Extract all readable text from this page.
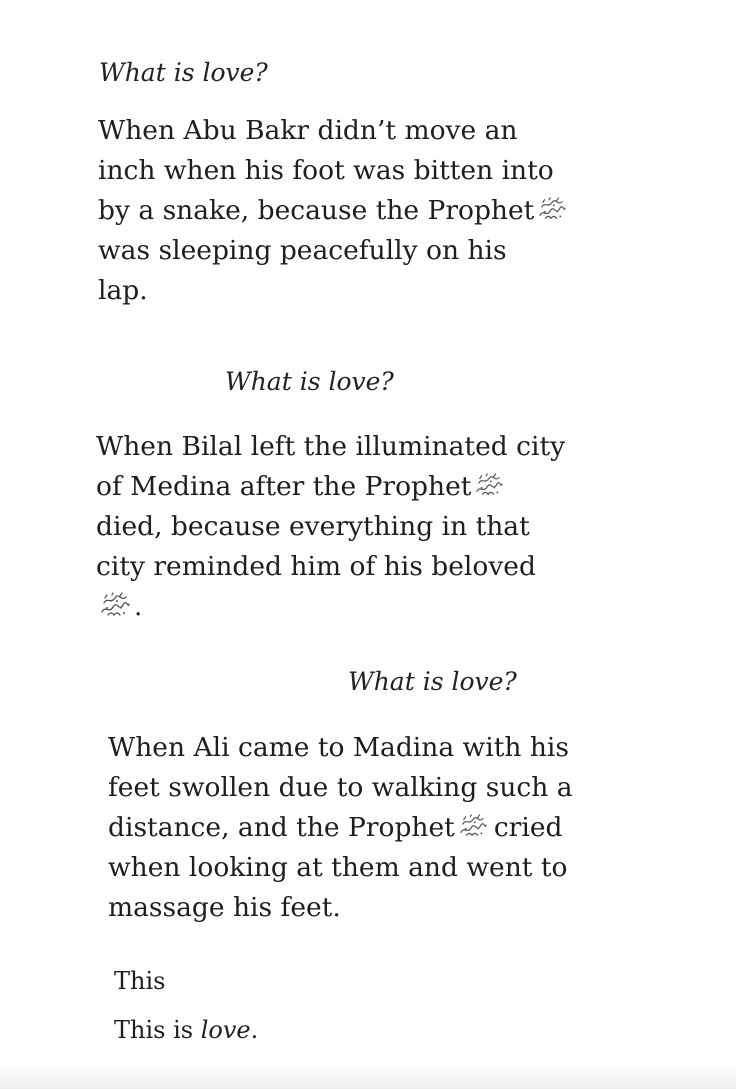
What is love?
When Abu Bakr didn’t move an
inch when his foot was bitten into
by a snake, because the Prophet
was sleeping peacefully on his
lap.
What is love?
When Bilal left the illuminated city
of Medina after the Prophet
died, because everything in that
city reminded him of his beloved
.
What is love?
When Ali came to Madina with his
feet swollen due to walking such a
distance, and the Prophet cried
when looking at them and went to
massage his feet.
This
This is love.
